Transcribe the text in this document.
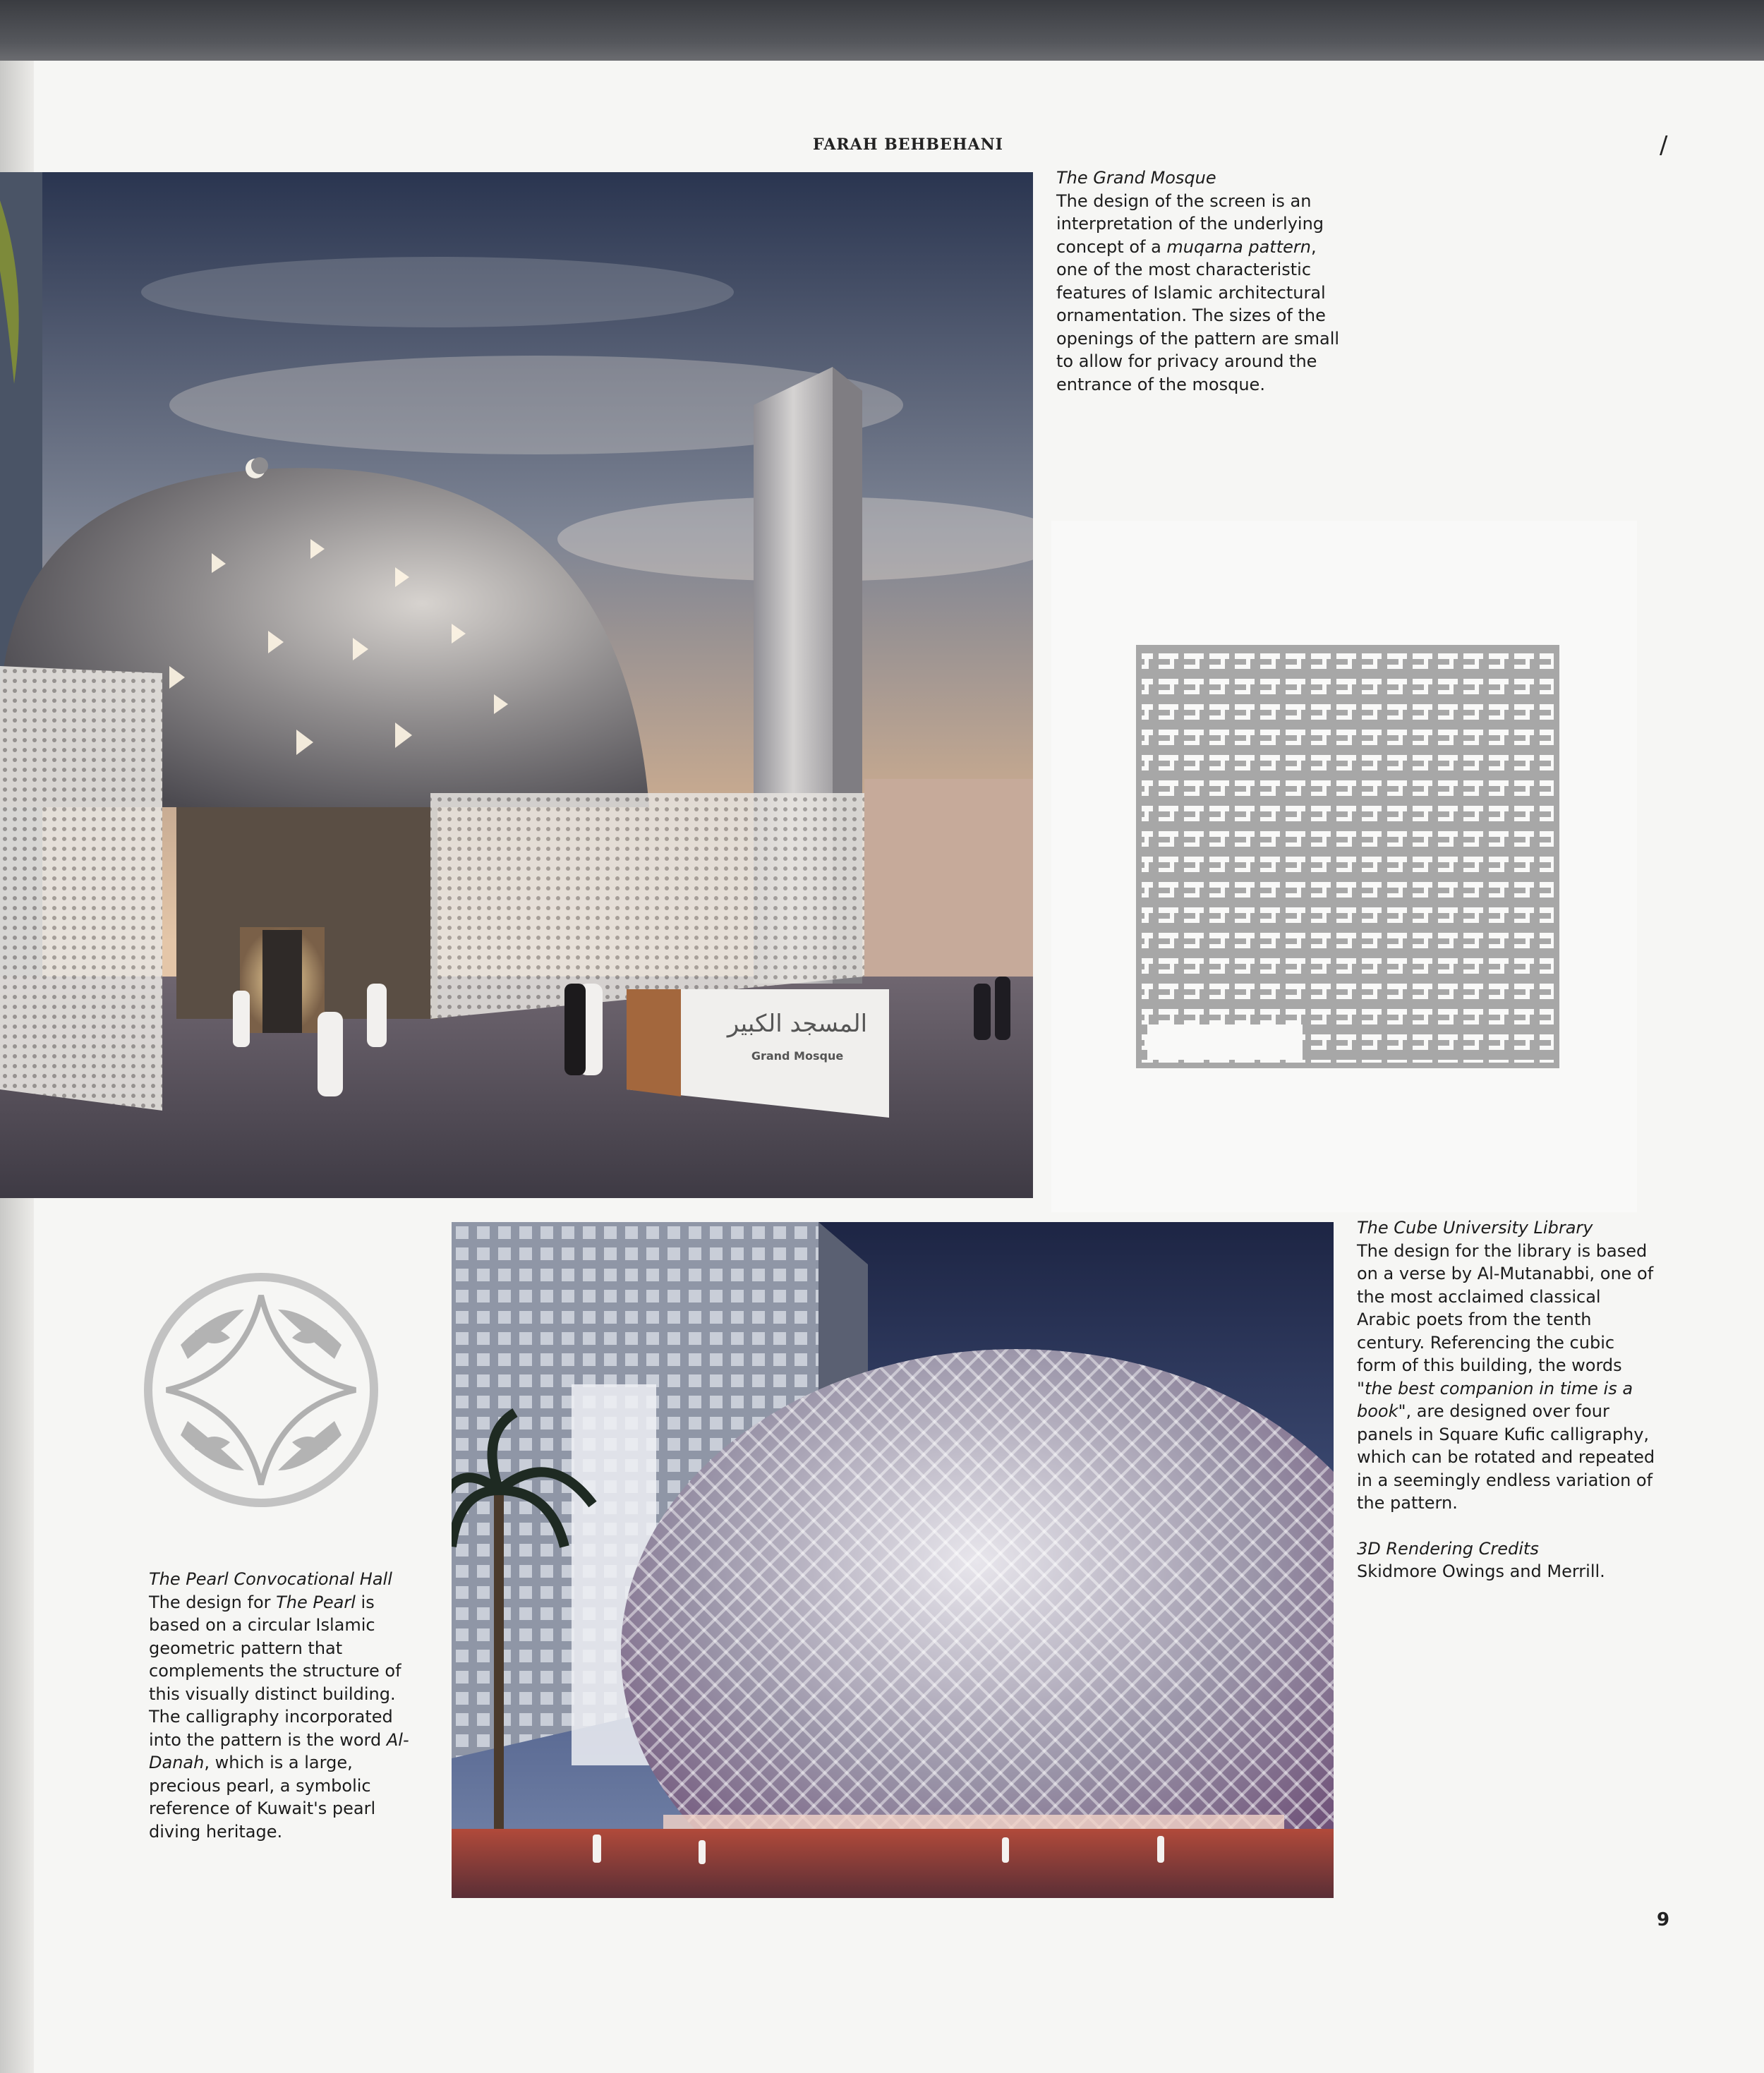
FARAH BEHBEHANI	/
المسجد الكبير
Grand Mosque

The Grand Mosque

The design of the screen is an interpretation of the underlying concept of a muqarna pattern, one of the most characteristic features of Islamic architectural ornamentation. The sizes of the openings of the pattern are small to allow for privacy around the entrance of the mosque.

The Pearl Convocational Hall

The design for The Pearl is based on a circular Islamic geometric pattern that complements the structure of this visually distinct building. The calligraphy incorporated into the pattern is the word Al-Danah, which is a large, precious pearl, a symbolic reference of Kuwait's pearl diving heritage.

The Cube University Library

The design for the library is based on a verse by Al-Mutanabbi, one of the most acclaimed classical Arabic poets from the tenth century. Referencing the cubic form of this building, the words "the best companion in time is a book", are designed over four panels in Square Kufic calligraphy, which can be rotated and repeated in a seemingly endless variation of the pattern.

3D Rendering Credits

Skidmore Owings and Merrill.

9
